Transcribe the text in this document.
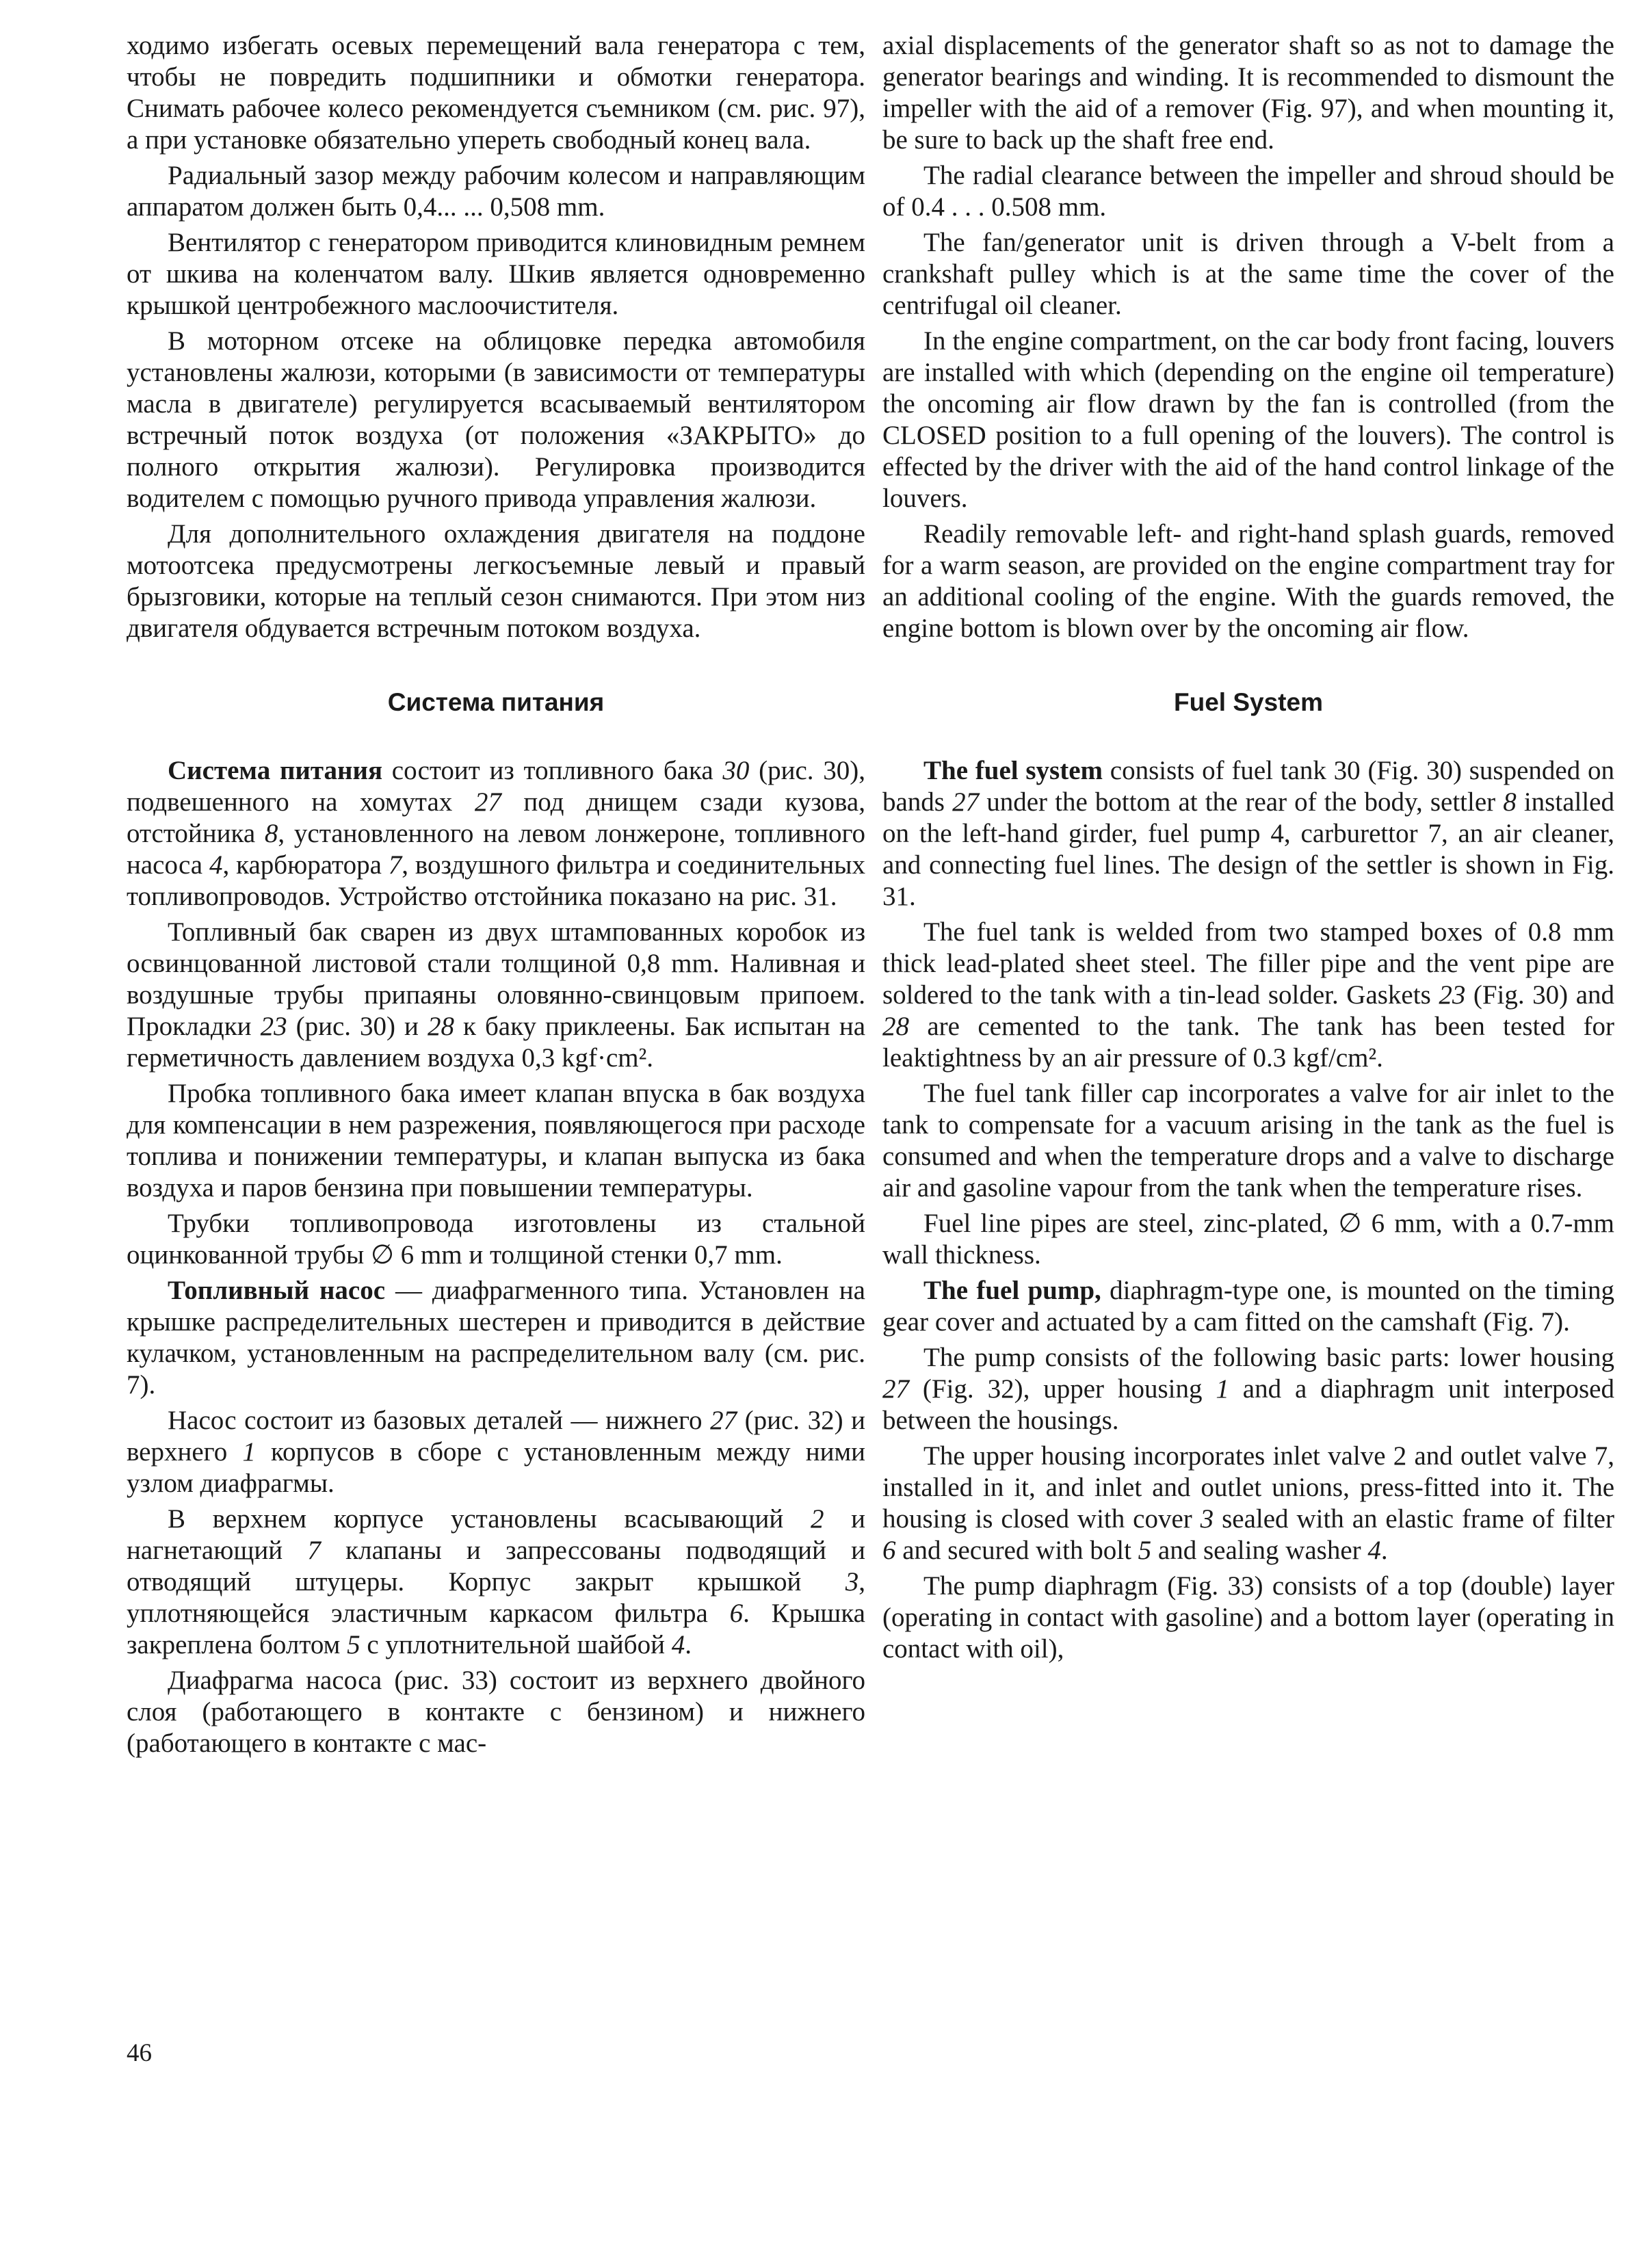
ходимо избегать осевых перемещений вала генератора с тем, чтобы не повредить подшипники и обмотки генератора. Снимать рабочее колесо рекомендуется съемником (см. рис. 97), а при установке обязательно упереть свободный конец вала.

Радиальный зазор между рабочим колесом и направляющим аппаратом должен быть 0,4... ... 0,508 mm.

Вентилятор с генератором приводится клиновидным ремнем от шкива на коленчатом валу. Шкив является одновременно крышкой центробежного маслоочистителя.

В моторном отсеке на облицовке передка автомобиля установлены жалюзи, которыми (в зависимости от температуры масла в двигателе) регулируется всасываемый вентилятором встречный поток воздуха (от положения «ЗАКРЫТО» до полного открытия жалюзи). Регулировка производится водителем с помощью ручного привода управления жалюзи.

Для дополнительного охлаждения двигателя на поддоне мотоотсека предусмотрены легкосъемные левый и правый брызговики, которые на теплый сезон снимаются. При этом низ двигателя обдувается встречным потоком воздуха.

Система питания

Система питания состоит из топливного бака 30 (рис. 30), подвешенного на хомутах 27 под днищем сзади кузова, отстойника 8, установленного на левом лонжероне, топливного насоса 4, карбюратора 7, воздушного фильтра и соединительных топливопроводов. Устройство отстойника показано на рис. 31.

Топливный бак сварен из двух штампованных коробок из освинцованной листовой стали толщиной 0,8 mm. Наливная и воздушные трубы припаяны оловянно-свинцовым припоем. Прокладки 23 (рис. 30) и 28 к баку приклеены. Бак испытан на герметичность давлением воздуха 0,3 kgf·cm².

Пробка топливного бака имеет клапан впуска в бак воздуха для компенсации в нем разрежения, появляющегося при расходе топлива и понижении температуры, и клапан выпуска из бака воздуха и паров бензина при повышении температуры.

Трубки топливопровода изготовлены из стальной оцинкованной трубы ∅ 6 mm и толщиной стенки 0,7 mm.

Топливный насос — диафрагменного типа. Установлен на крышке распределительных шестерен и приводится в действие кулачком, установленным на распределительном валу (см. рис. 7).

Насос состоит из базовых деталей — нижнего 27 (рис. 32) и верхнего 1 корпусов в сборе с установленным между ними узлом диафрагмы.

В верхнем корпусе установлены всасывающий 2 и нагнетающий 7 клапаны и запрессованы подводящий и отводящий штуцеры. Корпус закрыт крышкой 3, уплотняющейся эластичным каркасом фильтра 6. Крышка закреплена болтом 5 с уплотнительной шайбой 4.

Диафрагма насоса (рис. 33) состоит из верхнего двойного слоя (работающего в контакте с бензином) и нижнего (работающего в контакте с мас-

axial displacements of the generator shaft so as not to damage the generator bearings and winding. It is recommended to dismount the impeller with the aid of a remover (Fig. 97), and when mounting it, be sure to back up the shaft free end.

The radial clearance between the impeller and shroud should be of 0.4 . . . 0.508 mm.

The fan/generator unit is driven through a V-belt from a crankshaft pulley which is at the same time the cover of the centrifugal oil cleaner.

In the engine compartment, on the car body front facing, louvers are installed with which (depending on the engine oil temperature) the oncoming air flow drawn by the fan is controlled (from the CLOSED position to a full opening of the louvers). The control is effected by the driver with the aid of the hand control linkage of the louvers.

Readily removable left- and right-hand splash guards, removed for a warm season, are provided on the engine compartment tray for an additional cooling of the engine. With the guards removed, the engine bottom is blown over by the oncoming air flow.

Fuel System

The fuel system consists of fuel tank 30 (Fig. 30) suspended on bands 27 under the bottom at the rear of the body, settler 8 installed on the left-hand girder, fuel pump 4, carburettor 7, an air cleaner, and connecting fuel lines. The design of the settler is shown in Fig. 31.

The fuel tank is welded from two stamped boxes of 0.8 mm thick lead-plated sheet steel. The filler pipe and the vent pipe are soldered to the tank with a tin-lead solder. Gaskets 23 (Fig. 30) and 28 are cemented to the tank. The tank has been tested for leaktightness by an air pressure of 0.3 kgf/cm².

The fuel tank filler cap incorporates a valve for air inlet to the tank to compensate for a vacuum arising in the tank as the fuel is consumed and when the temperature drops and a valve to discharge air and gasoline vapour from the tank when the temperature rises.

Fuel line pipes are steel, zinc-plated, ∅ 6 mm, with a 0.7-mm wall thickness.

The fuel pump, diaphragm-type one, is mounted on the timing gear cover and actuated by a cam fitted on the camshaft (Fig. 7).

The pump consists of the following basic parts: lower housing 27 (Fig. 32), upper housing 1 and a diaphragm unit interposed between the housings.

The upper housing incorporates inlet valve 2 and outlet valve 7, installed in it, and inlet and outlet unions, press-fitted into it. The housing is closed with cover 3 sealed with an elastic frame of filter 6 and secured with bolt 5 and sealing washer 4.

The pump diaphragm (Fig. 33) consists of a top (double) layer (operating in contact with gasoline) and a bottom layer (operating in contact with oil),

46
